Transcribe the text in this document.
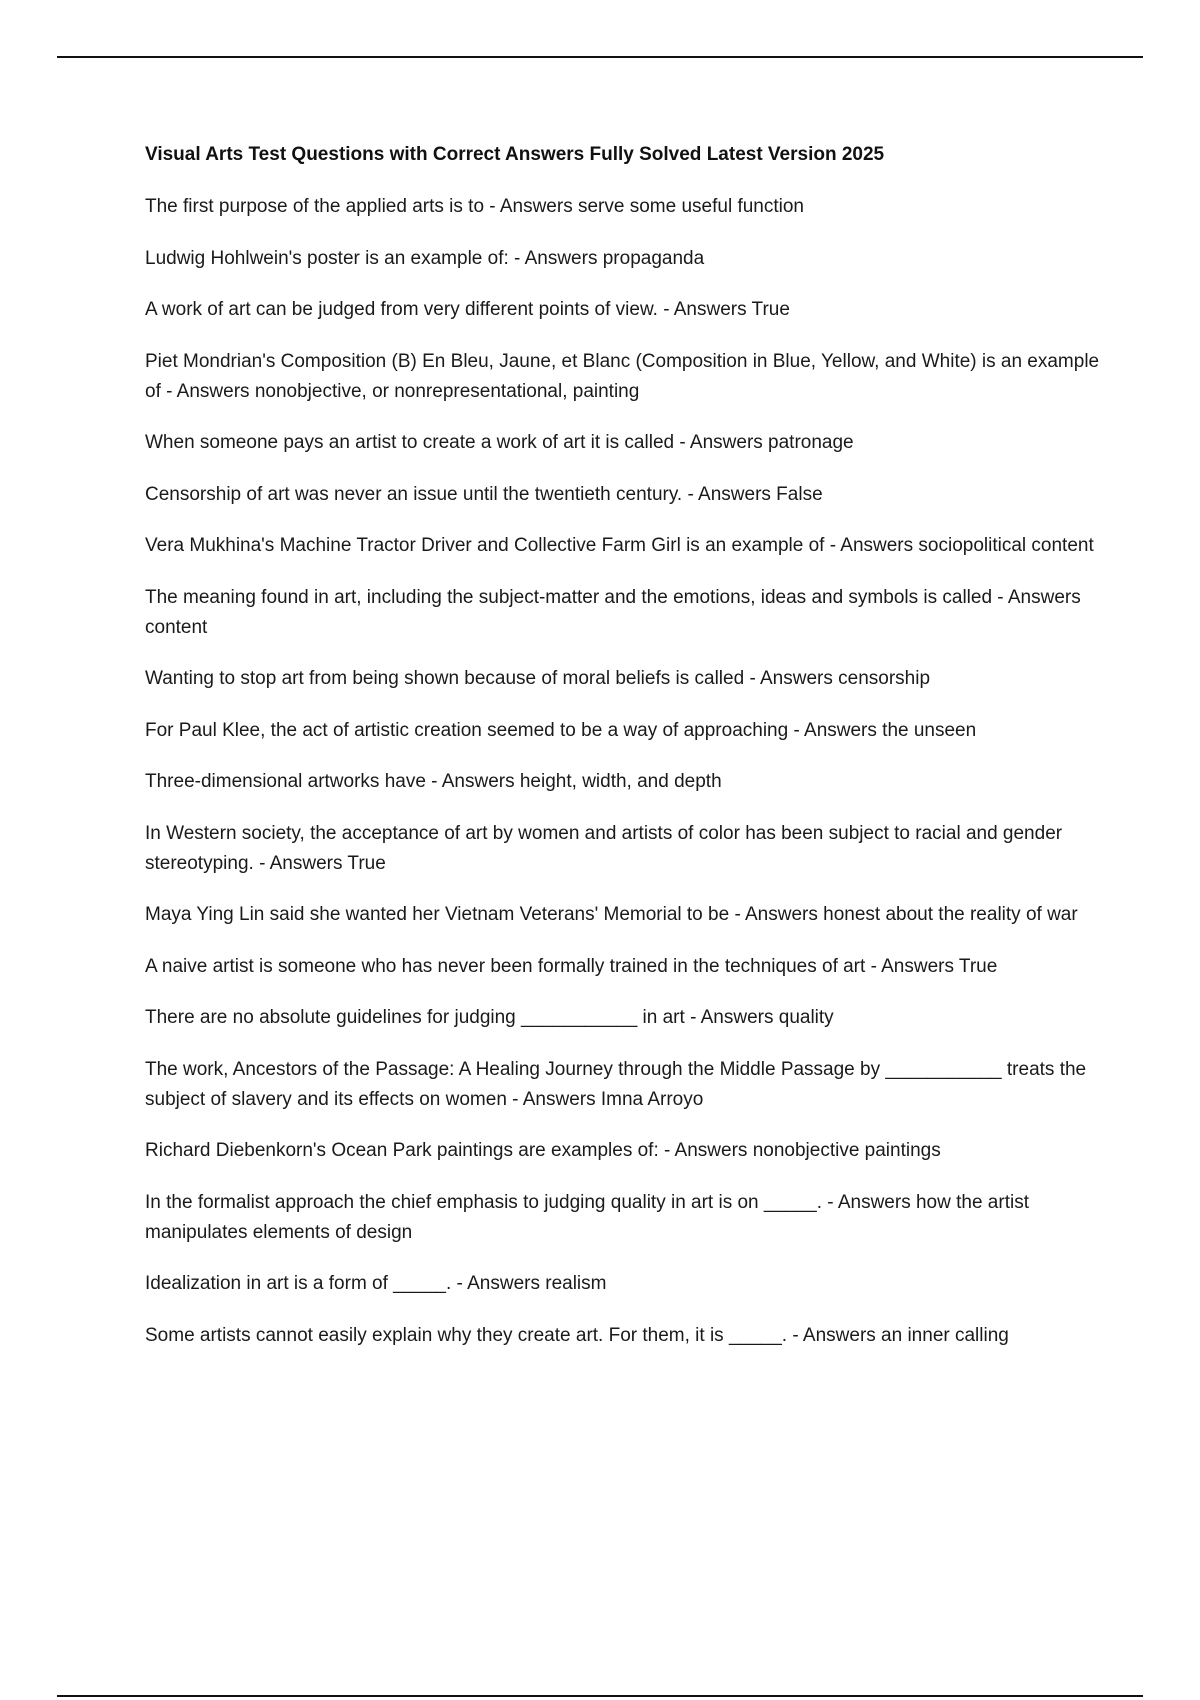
Visual Arts Test Questions with Correct Answers Fully Solved Latest Version 2025
The first purpose of the applied arts is to - Answers serve some useful function
Ludwig Hohlwein's poster is an example of: - Answers propaganda
A work of art can be judged from very different points of view. - Answers True
Piet Mondrian's Composition (B) En Bleu, Jaune, et Blanc (Composition in Blue, Yellow, and White) is an example of - Answers nonobjective, or nonrepresentational, painting
When someone pays an artist to create a work of art it is called - Answers patronage
Censorship of art was never an issue until the twentieth century. - Answers False
Vera Mukhina's Machine Tractor Driver and Collective Farm Girl is an example of - Answers sociopolitical content
The meaning found in art, including the subject-matter and the emotions, ideas and symbols is called - Answers content
Wanting to stop art from being shown because of moral beliefs is called - Answers censorship
For Paul Klee, the act of artistic creation seemed to be a way of approaching - Answers the unseen
Three-dimensional artworks have - Answers height, width, and depth
In Western society, the acceptance of art by women and artists of color has been subject to racial and gender stereotyping. - Answers True
Maya Ying Lin said she wanted her Vietnam Veterans' Memorial to be - Answers honest about the reality of war
A naive artist is someone who has never been formally trained in the techniques of art - Answers True
There are no absolute guidelines for judging ___________ in art - Answers quality
The work, Ancestors of the Passage: A Healing Journey through the Middle Passage by ___________ treats the subject of slavery and its effects on women - Answers Imna Arroyo
Richard Diebenkorn's Ocean Park paintings are examples of: - Answers nonobjective paintings
In the formalist approach the chief emphasis to judging quality in art is on _____. - Answers how the artist manipulates elements of design
Idealization in art is a form of _____. - Answers realism
Some artists cannot easily explain why they create art. For them, it is _____. - Answers an inner calling
